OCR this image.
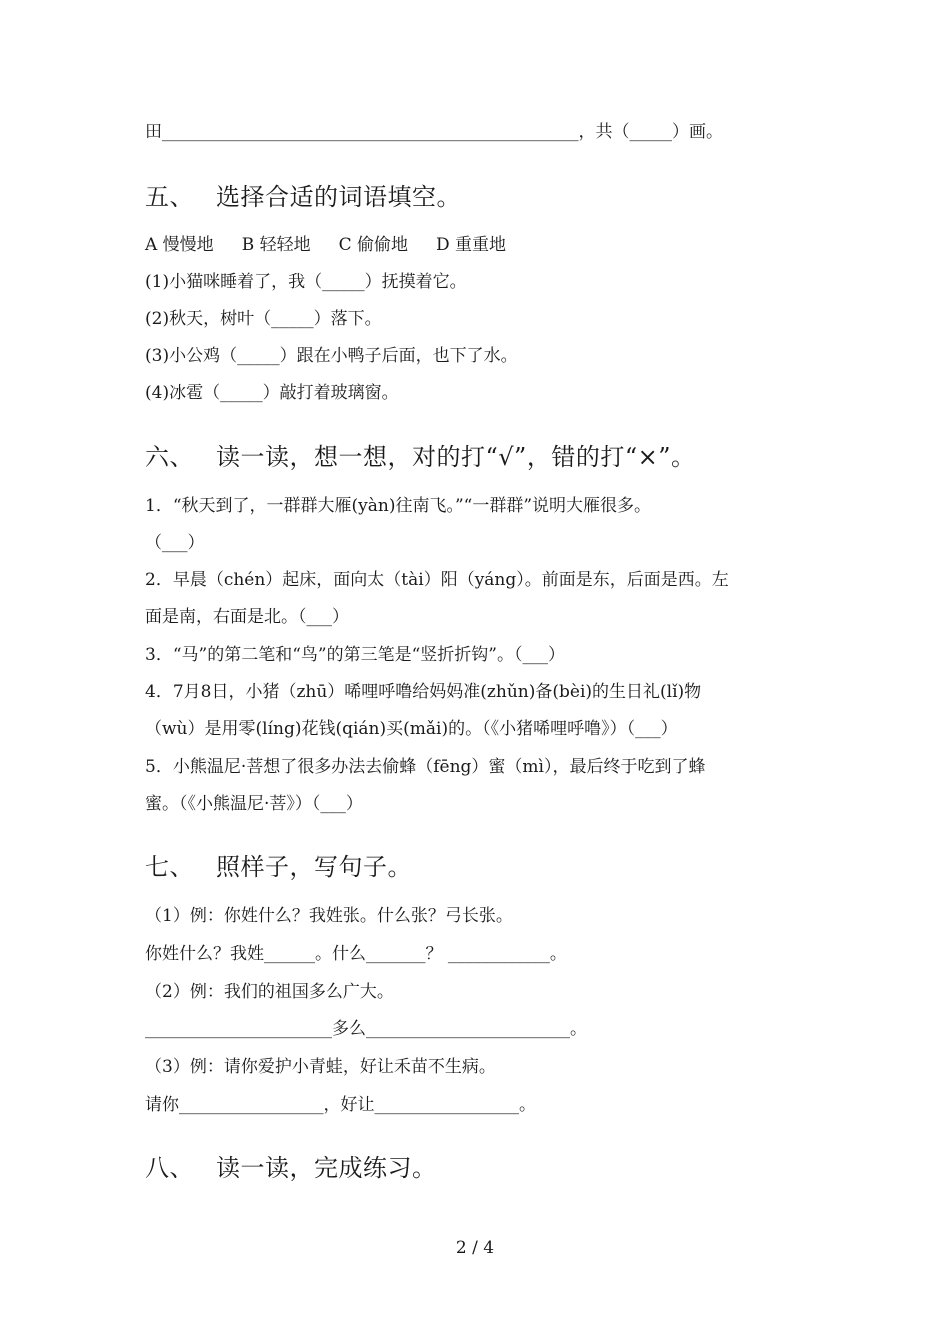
田_________________________________________________，共（_____）画。
五、 选择合适的词语填空。
A 慢慢地 B 轻轻地 C 偷偷地 D 重重地
(1)小猫咪睡着了，我（_____）抚摸着它。
(2)秋天，树叶（_____）落下。
(3)小公鸡（_____）跟在小鸭子后面，也下了水。
(4)冰雹（_____）敲打着玻璃窗。
六、 读一读，想一想，对的打“√”，错的打“×”。
1．“秋天到了，一群群大雁(yàn)往南飞。”“一群群”说明大雁很多。
（___）
2．早晨（chén）起床，面向太（tài）阳（yáng）。前面是东，后面是西。左
面是南，右面是北。（___）
3．“马”的第二笔和“鸟”的第三笔是“竖折折钩”。（___）
4．7月8日，小猪（zhū）唏哩呼噜给妈妈准(zhǔn)备(bèi)的生日礼(lǐ)物
（wù）是用零(líng)花钱(qián)买(mǎi)的。（《小猪唏哩呼噜》）（___）
5．小熊温尼·菩想了很多办法去偷蜂（fēng）蜜（mì），最后终于吃到了蜂
蜜。（《小熊温尼·菩》）（___）
七、 照样子，写句子。
（1）例：你姓什么？我姓张。什么张？弓长张。
你姓什么？我姓______。什么_______？ ____________。
（2）例：我们的祖国多么广大。
______________________多么________________________。
（3）例：请你爱护小青蛙，好让禾苗不生病。
请你_________________，好让_________________。
八、 读一读，完成练习。
2 / 4
